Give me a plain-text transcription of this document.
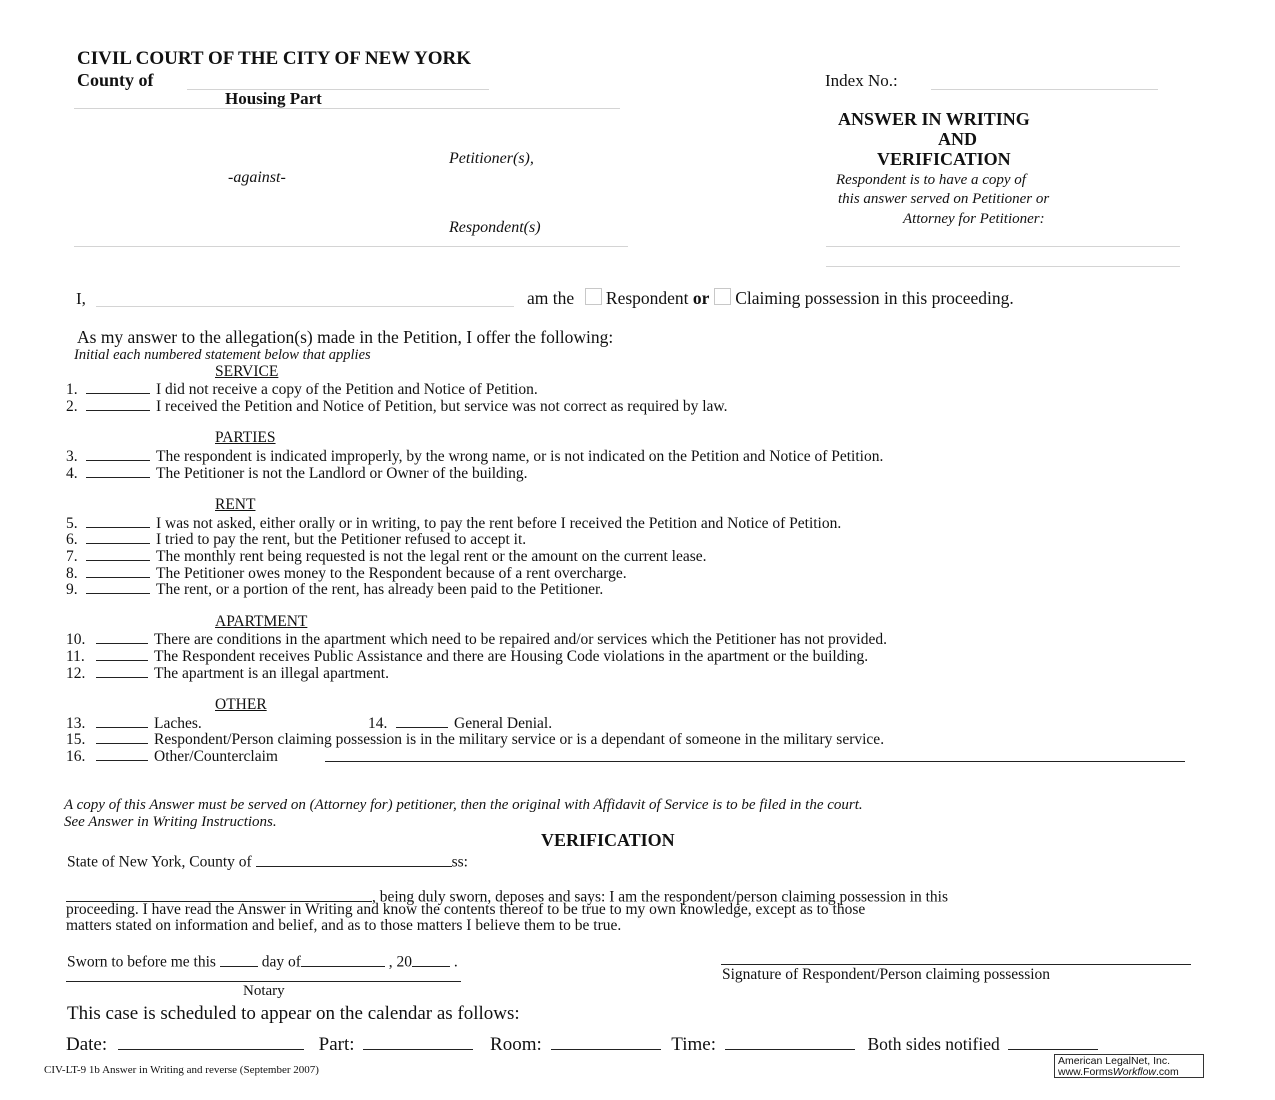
CIVIL COURT OF THE CITY OF NEW YORK
County of
Housing Part
Petitioner(s),
-against-
Respondent(s)
Index No.:
ANSWER IN WRITING
AND
VERIFICATION
Respondent is to have a copy of
this answer served on Petitioner or
Attorney for Petitioner:
I,	am the Respondent or Claiming possession in this proceeding.
As my answer to the allegation(s) made in the Petition, I offer the following:
Initial each numbered statement below that applies
SERVICE
1.	I did not receive a copy of the Petition and Notice of Petition.
2.	I received the Petition and Notice of Petition, but service was not correct as required by law.
PARTIES
3.	The respondent is indicated improperly, by the wrong name, or is not indicated on the Petition and Notice of Petition.
4.	The Petitioner is not the Landlord or Owner of the building.
RENT
5.	I was not asked, either orally or in writing, to pay the rent before I received the Petition and Notice of Petition.
6.	I tried to pay the rent, but the Petitioner refused to accept it.
7.	The monthly rent being requested is not the legal rent or the amount on the current lease.
8.	The Petitioner owes money to the Respondent because of a rent overcharge.
9.	The rent, or a portion of the rent, has already been paid to the Petitioner.
APARTMENT
10.	There are conditions in the apartment which need to be repaired and/or services which the Petitioner has not provided.
11.	The Respondent receives Public Assistance and there are Housing Code violations in the apartment or the building.
12.	The apartment is an illegal apartment.
OTHER
13.	Laches.	14.	General Denial.
15.	Respondent/Person claiming possession is in the military service or is a dependant of someone in the military service.
16.	Other/Counterclaim
A copy of this Answer must be served on (Attorney for) petitioner, then the original with Affidavit of Service is to be filed in the court.
See Answer in Writing Instructions.
VERIFICATION
State of New York, County of	ss:
, being duly sworn, deposes and says: I am the respondent/person claiming possession in this
proceeding. I have read the Answer in Writing and know the contents thereof to be true to my own knowledge, except as to those
matters stated on information and belief, and as to those matters I believe them to be true.
Sworn to before me this	day of	, 20	.
Notary
Signature of Respondent/Person claiming possession
This case is scheduled to appear on the calendar as follows:
Date:	Part:	Room:	Time:	Both sides notified
CIV-LT-9 1b Answer in Writing and reverse (September 2007)
American LegalNet, Inc.
www.FormsWorkflow.com
